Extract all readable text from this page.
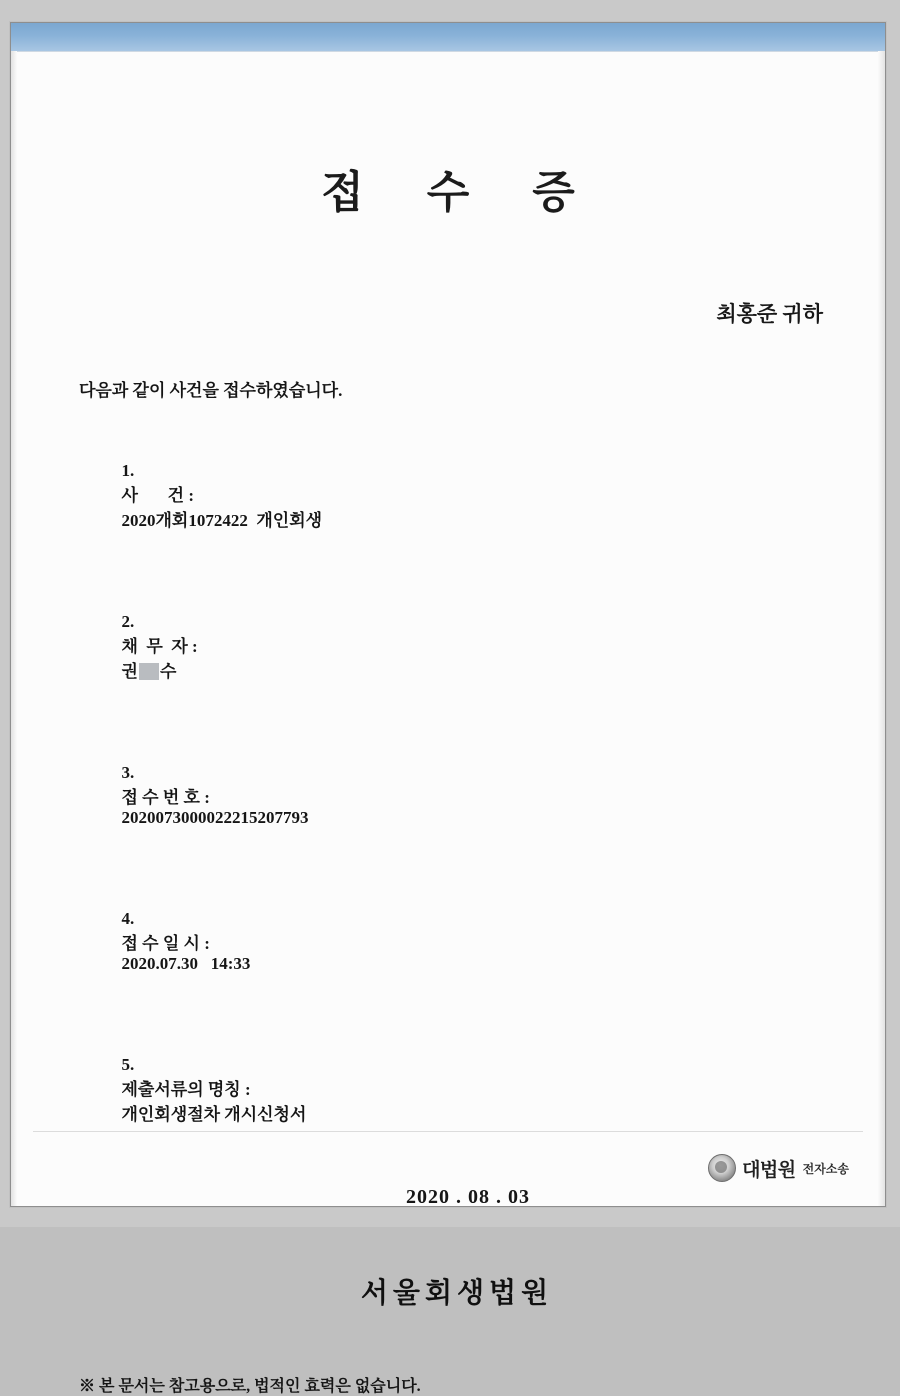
접 수 증
최홍준 귀하
다음과 같이 사건을 접수하였습니다.

1.
사       건 :
2020개회1072422  개인회생

2.
채  무  자 :
권 수

3.
접 수 번 호 :
2020073000022215207793

4.
접 수 일 시 :
2020.07.30   14:33

5.
제출서류의 명칭 :
개인회생절차 개시신청서

2020 . 08 . 03
서울회생법원
※ 본 문서는 참고용으로, 법적인 효력은 없습니다.
대법원 전자소송
